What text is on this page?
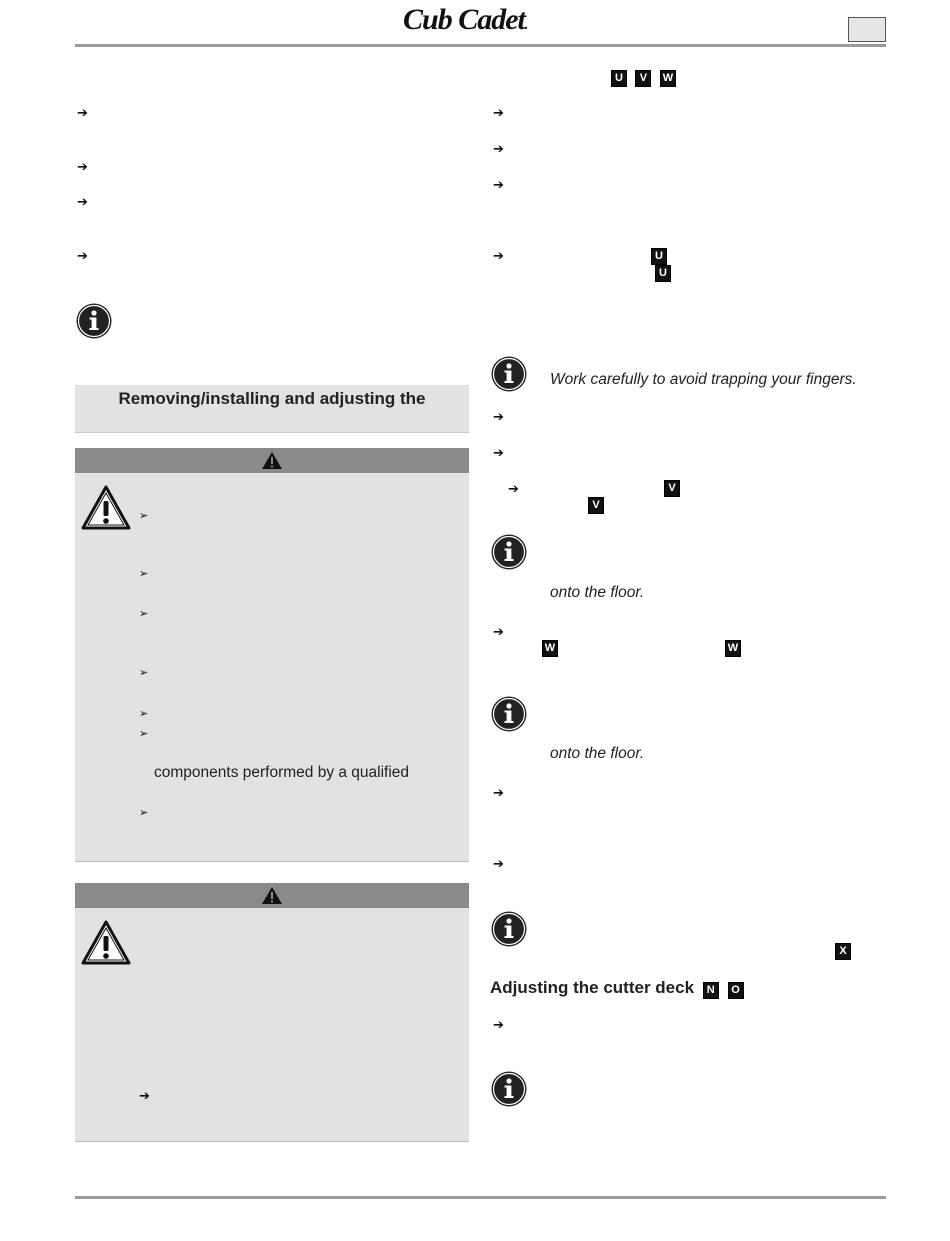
Cub Cadet.
➔
➔
➔
➔
Removing/installing and adjusting the
➢
➢
➢
➢
➢
➢
components performed by a qualified
➢
➔
U V W
➔
➔
➔
➔	U
U
Work carefully to avoid trapping your fingers.
➔
➔
➔	V
V
onto the floor.
➔
W	W
onto the floor.
➔
➔
X
Adjusting the cutter deck N O
➔
